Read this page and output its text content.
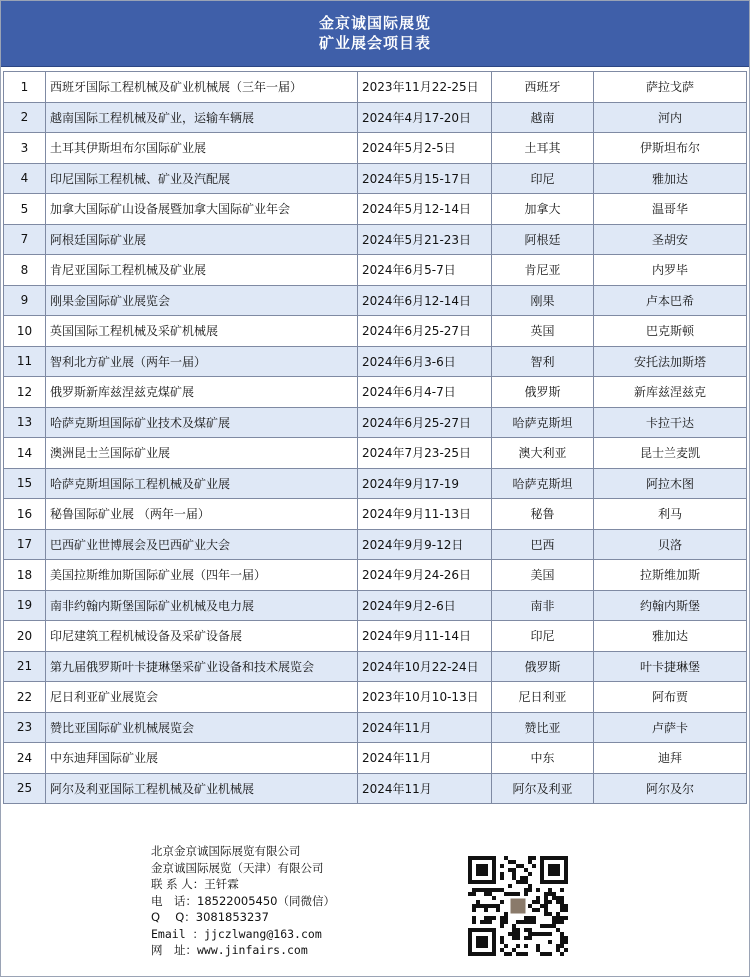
金京诚国际展览
矿业展会项目表
1	西班牙国际工程机械及矿业机械展（三年一届）	2023年11月22-25日	西班牙	萨拉戈萨
2	越南国际工程机械及矿业，运输车辆展	2024年4月17-20日	越南	河内
3	土耳其伊斯坦布尔国际矿业展	2024年5月2-5日	土耳其	伊斯坦布尔
4	印尼国际工程机械、矿业及汽配展	2024年5月15-17日	印尼	雅加达
5	加拿大国际矿山设备展暨加拿大国际矿业年会	2024年5月12-14日	加拿大	温哥华
7	阿根廷国际矿业展	2024年5月21-23日	阿根廷	圣胡安
8	肯尼亚国际工程机械及矿业展	2024年6月5-7日	肯尼亚	内罗毕
9	刚果金国际矿业展览会	2024年6月12-14日	刚果	卢本巴希
10	英国国际工程机械及采矿机械展	2024年6月25-27日	英国	巴克斯顿
11	智利北方矿业展（两年一届）	2024年6月3-6日	智利	安托法加斯塔
12	俄罗斯新库兹涅兹克煤矿展	2024年6月4-7日	俄罗斯	新库兹涅兹克
13	哈萨克斯坦国际矿业技术及煤矿展	2024年6月25-27日	哈萨克斯坦	卡拉干达
14	澳洲昆士兰国际矿业展	2024年7月23-25日	澳大利亚	昆士兰麦凯
15	哈萨克斯坦国际工程机械及矿业展	2024年9月17-19	哈萨克斯坦	阿拉木图
16	秘鲁国际矿业展 （两年一届）	2024年9月11-13日	秘鲁	利马
17	巴西矿业世博展会及巴西矿业大会	2024年9月9-12日	巴西	贝洛
18	美国拉斯维加斯国际矿业展（四年一届）	2024年9月24-26日	美国	拉斯维加斯
19	南非约翰内斯堡国际矿业机械及电力展	2024年9月2-6日	南非	约翰内斯堡
20	印尼建筑工程机械设备及采矿设备展	2024年9月11-14日	印尼	雅加达
21	第九届俄罗斯叶卡捷琳堡采矿业设备和技术展览会	2024年10月22-24日	俄罗斯	叶卡捷琳堡
22	尼日利亚矿业展览会	2023年10月10-13日	尼日利亚	阿布贾
23	赞比亚国际矿业机械展览会	2024年11月	赞比亚	卢萨卡
24	中东迪拜国际矿业展	2024年11月	中东	迪拜
25	阿尔及利亚国际工程机械及矿业机械展	2024年11月	阿尔及利亚	阿尔及尔
北京金京诚国际展览有限公司
金京诚国际展览（天津）有限公司
联 系 人：王钎霖
电　话：18522005450（同微信）
Q　 Q：3081853237
Email ：jjczlwang@163.com
网　址：www.jinfairs.com
